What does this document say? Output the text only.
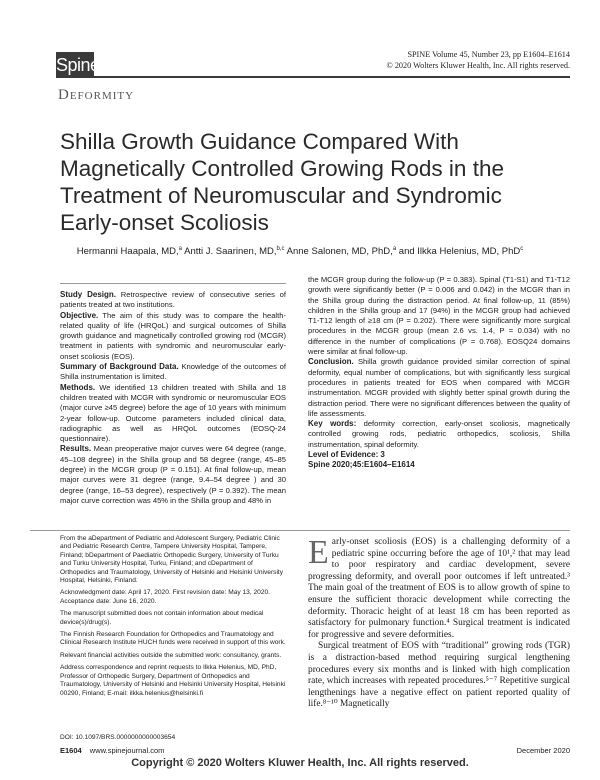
Spine
SPINE Volume 45, Number 23, pp E1604–E1614
© 2020 Wolters Kluwer Health, Inc. All rights reserved.
Deformity
Shilla Growth Guidance Compared With Magnetically Controlled Growing Rods in the Treatment of Neuromuscular and Syndromic Early-onset Scoliosis
Hermanni Haapala, MD,$^a$ Antti J. Saarinen, MD,$^{b,c}$ Anne Salonen, MD, PhD,$^a$ and Ilkka Helenius, MD, PhD$^c$

Study Design. Retrospective review of consecutive series of patients treated at two institutions.

Objective. The aim of this study was to compare the health-related quality of life (HRQoL) and surgical outcomes of Shilla growth guidance and magnetically controlled growing rod (MCGR) treatment in patients with syndromic and neuromuscular early-onset scoliosis (EOS).

Summary of Background Data. Knowledge of the outcomes of Shilla instrumentation is limited.

Methods. We identified 13 children treated with Shilla and 18 children treated with MCGR with syndromic or neuromuscular EOS (major curve ≥45 degree) before the age of 10 years with minimum 2-year follow-up. Outcome parameters included clinical data, radiographic as well as HRQoL outcomes (EOSQ-24 questionnaire).

Results. Mean preoperative major curves were 64 degree (range, 45–108 degree) in the Shilla group and 58 degree (range, 45–85 degree) in the MCGR group (P = 0.151). At final follow-up, mean major curves were 31 degree (range, 9.4–54 degree ) and 30 degree (range, 16–53 degree), respectively (P = 0.392). The mean major curve correction was 45% in the Shilla group and 48% in

the MCGR group during the follow-up (P = 0.383). Spinal (T1-S1) and T1-T12 growth were significantly better (P = 0.006 and 0.042) in the MCGR than in the Shilla group during the distraction period. At final follow-up, 11 (85%) children in the Shilla group and 17 (94%) in the MCGR group had achieved T1-T12 length of ≥18 cm (P = 0.202). There were significantly more surgical procedures in the MCGR group (mean 2.6 vs. 1.4, P = 0.034) with no difference in the number of complications (P = 0.768). EOSQ24 domains were similar at final follow-up.

Conclusion. Shilla growth guidance provided similar correction of spinal deformity, equal number of complications, but with significantly less surgical procedures in patients treated for EOS when compared with MCGR instrumentation. MCGR provided with slightly better spinal growth during the distraction period. There were no significant differences between the quality of life assessments.

Key words: deformity correction, early-onset scoliosis, magnetically controlled growing rods, pediatric orthopedics, scoliosis, Shilla instrumentation, spinal deformity.

Level of Evidence: 3

Spine 2020;45:E1604–E1614

From the aDepartment of Pediatric and Adolescent Surgery, Pediatric Clinic and Pediatric Research Centre, Tampere University Hospital, Tampere, Finland; bDepartment of Paediatric Orthopedic Surgery, University of Turku and Turku University Hospital, Turku, Finland; and cDepartment of Orthopedics and Traumatology, University of Helsinki and Helsinki University Hospital, Helsinki, Finland.

Acknowledgment date: April 17, 2020. First revision date: May 13, 2020. Acceptance date: June 16, 2020.

The manuscript submitted does not contain information about medical device(s)/drug(s).

The Finnish Research Foundation for Orthopedics and Traumatology and Clinical Research Institute HUCH funds were received in support of this work.

Relevant financial activities outside the submitted work: consultancy, grants.

Address correspondence and reprint requests to Ilkka Helenius, MD, PhD, Professor of Orthopedic Surgery, Department of Orthopedics and Traumatology, University of Helsinki and Helsinki University Hospital, Helsinki 00290, Finland; E-mail: ilkka.helenius@helsinki.fi

DOI: 10.1097/BRS.0000000000003654

Early-onset scoliosis (EOS) is a challenging deformity of a pediatric spine occurring before the age of 10¹,² that may lead to poor respiratory and cardiac development, severe progressing deformity, and overall poor outcomes if left untreated.³ The main goal of the treatment of EOS is to allow growth of spine to ensure the sufficient thoracic development while correcting the deformity. Thoracic height of at least 18 cm has been reported as satisfactory for pulmonary function.⁴ Surgical treatment is indicated for progressive and severe deformities.

Surgical treatment of EOS with “traditional” growing rods (TGR) is a distraction-based method requiring surgical lengthening procedures every six months and is linked with high complication rate, which increases with repeated procedures.⁵⁻⁷ Repetitive surgical lengthenings have a negative effect on patient reported quality of life.⁸⁻¹⁰ Magnetically

E1604 www.spinejournal.com	December 2020
Copyright © 2020 Wolters Kluwer Health, Inc. All rights reserved.
